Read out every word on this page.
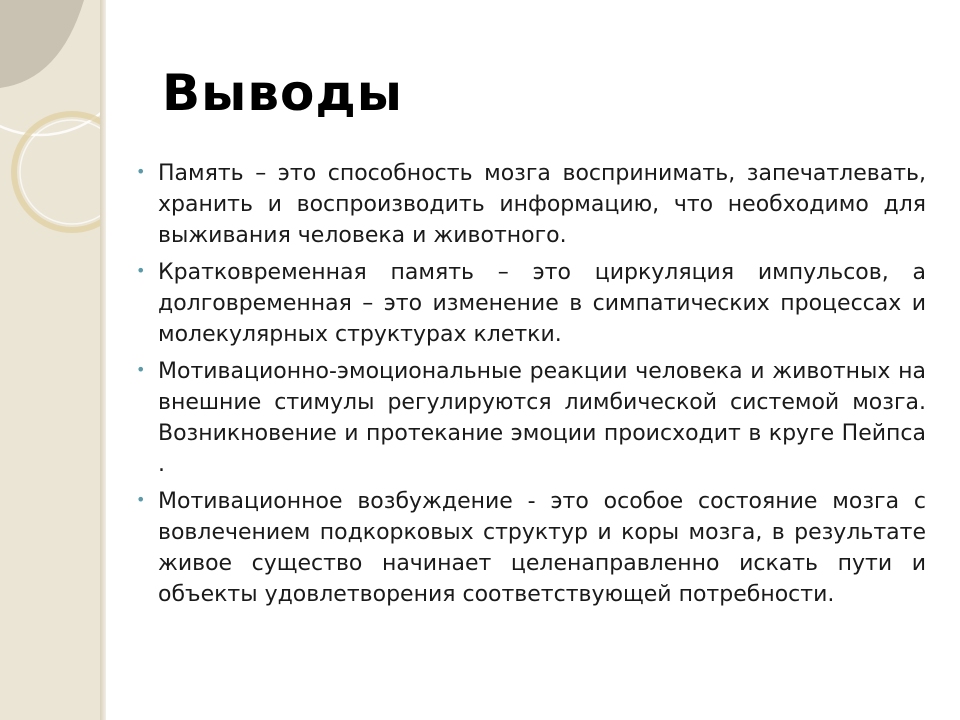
Выводы
• Память – это способность мозга воспринимать, запечатлевать, хранить и воспроизводить информацию, что необходимо для выживания человека и животного.
• Кратковременная память – это циркуляция импульсов, а долговременная – это изменение в симпатических процессах и молекулярных структурах клетки.
• Мотивационно-эмоциональные реакции человека и животных на внешние стимулы регулируются лимбической системой мозга. Возникновение и протекание эмоции происходит в круге Пейпса .
• Мотивационное возбуждение - это особое состояние мозга с вовлечением подкорковых структур и коры мозга, в результате живое существо начинает целенаправленно искать пути и объекты удовлетворения соответствующей потребности.
